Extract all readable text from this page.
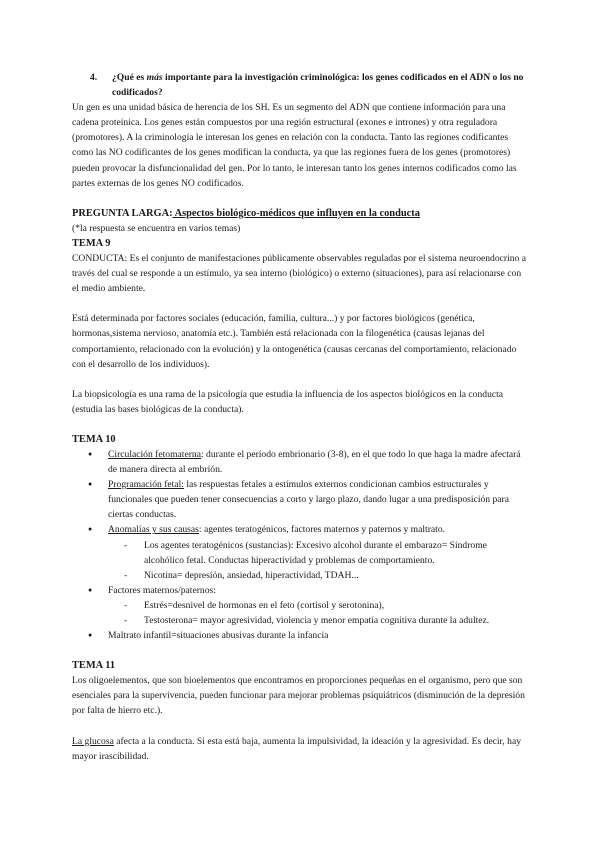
4.	¿Qué es más importante para la investigación criminológica: los genes codificados en el ADN o los no codificados?

Un gen es una unidad básica de herencia de los SH. Es un segmento del ADN que contiene información para una cadena proteínica. Los genes están compuestos por una región estructural (exones e intrones) y otra reguladora (promotores). A la criminología le interesan los genes en relación con la conducta. Tanto las regiones codificantes como las NO codificantes de los genes modifican la conducta, ya que las regiones fuera de los genes (promotores) pueden provocar la disfuncionalidad del gen. Por lo tanto, le interesan tanto los genes internos codificados como las partes externas de los genes NO codificados.

PREGUNTA LARGA: Aspectos biológico-médicos que influyen en la conducta

(*la respuesta se encuentra en varios temas)

TEMA 9

CONDUCTA: Es el conjunto de manifestaciones públicamente observables reguladas por el sistema neuroendocrino a través del cual se responde a un estímulo, ya sea interno (biológico) o externo (situaciones), para así relacionarse con el medio ambiente.

Está determinada por factores sociales (educación, familia, cultura...) y por factores biológicos (genética, hormonas,sistema nervioso, anatomía etc.). También está relacionada con la filogenética (causas lejanas del comportamiento, relacionado con la evolución) y la ontogenética (causas cercanas del comportamiento, relacionado con el desarrollo de los individuos).

La biopsicología es una rama de la psicología que estudia la influencia de los aspectos biológicos en la conducta (estudia las bases biológicas de la conducta).

TEMA 10

● Circulación fetomaterna: durante el período embrionario (3-8), en el que todo lo que haga la madre afectará de manera directa al embrión.
● Programación fetal: las respuestas fetales a estímulos externos condicionan cambios estructurales y funcionales que pueden tener consecuencias a corto y largo plazo, dando lugar a una predisposición para ciertas conductas.
● Anomalías y sus causas: agentes teratogénicos, factores maternos y paternos y maltrato.
- Los agentes teratogénicos (sustancias): Excesivo alcohol durante el embarazo= Síndrome alcohólico fetal. Conductas hiperactividad y problemas de comportamiento.
- Nicotina= depresión, ansiedad, hiperactividad, TDAH...
● Factores maternos/paternos:
- Estrés=desnivel de hormonas en el feto (cortisol y serotonina),
- Testosterona= mayor agresividad, violencia y menor empatía cognitiva durante la adultez.
● Maltrato infantil=situaciones abusivas durante la infancia

TEMA 11

Los oligoelementos, que son bioelementos que encontramos en proporciones pequeñas en el organismo, pero que son esenciales para la supervivencia, pueden funcionar para mejorar problemas psiquiátricos (disminución de la depresión por falta de hierro etc.).

La glucosa afecta a la conducta. Si esta está baja, aumenta la impulsividad, la ideación y la agresividad. Es decir, hay mayor irascibilidad.
